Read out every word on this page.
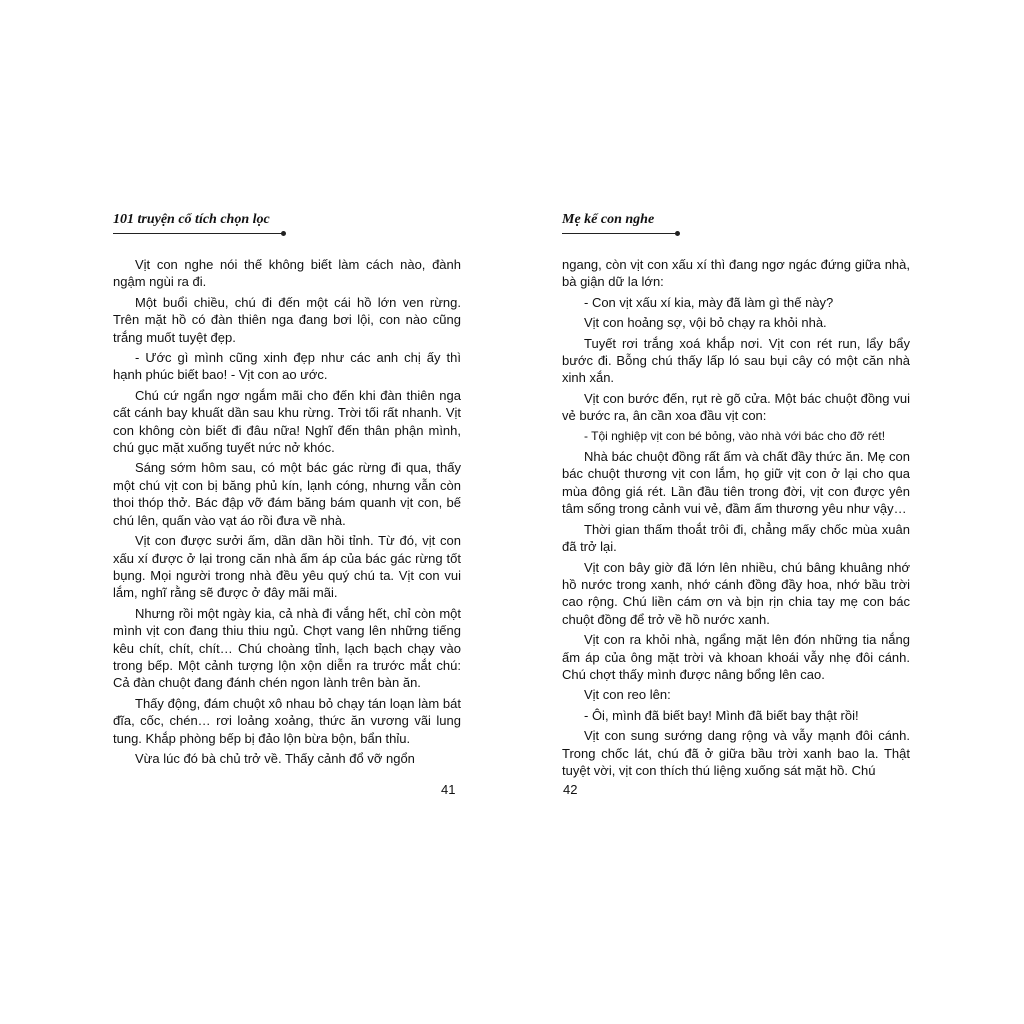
101 truyện cổ tích chọn lọc

Vịt con nghe nói thế không biết làm cách nào, đành ngậm ngùi ra đi.

Một buổi chiều, chú đi đến một cái hồ lớn ven rừng. Trên mặt hồ có đàn thiên nga đang bơi lội, con nào cũng trắng muốt tuyệt đẹp.

- Ước gì mình cũng xinh đẹp như các anh chị ấy thì hạnh phúc biết bao! - Vịt con ao ước.

Chú cứ ngẩn ngơ ngắm mãi cho đến khi đàn thiên nga cất cánh bay khuất dần sau khu rừng. Trời tối rất nhanh. Vịt con không còn biết đi đâu nữa! Nghĩ đến thân phận mình, chú gục mặt xuống tuyết nức nở khóc.

Sáng sớm hôm sau, có một bác gác rừng đi qua, thấy một chú vịt con bị băng phủ kín, lạnh cóng, nhưng vẫn còn thoi thóp thở. Bác đập vỡ đám băng bám quanh vịt con, bế chú lên, quấn vào vạt áo rồi đưa về nhà.

Vịt con được sưởi ấm, dần dần hồi tỉnh. Từ đó, vịt con xấu xí được ở lại trong căn nhà ấm áp của bác gác rừng tốt bụng. Mọi người trong nhà đều yêu quý chú ta. Vịt con vui lắm, nghĩ rằng sẽ được ở đây mãi mãi.

Nhưng rồi một ngày kia, cả nhà đi vắng hết, chỉ còn một mình vịt con đang thiu thiu ngủ. Chợt vang lên những tiếng kêu chít, chít, chít… Chú choàng tỉnh, lạch bạch chạy vào trong bếp. Một cảnh tượng lộn xộn diễn ra trước mắt chú: Cả đàn chuột đang đánh chén ngon lành trên bàn ăn.

Thấy động, đám chuột xô nhau bỏ chạy tán loạn làm bát đĩa, cốc, chén… rơi loảng xoảng, thức ăn vương vãi lung tung. Khắp phòng bếp bị đảo lộn bừa bộn, bẩn thỉu.

Vừa lúc đó bà chủ trở về. Thấy cảnh đổ vỡ ngổn

41
Mẹ kể con nghe

ngang, còn vịt con xấu xí thì đang ngơ ngác đứng giữa nhà, bà giận dữ la lớn:

- Con vịt xấu xí kia, mày đã làm gì thế này?

Vịt con hoảng sợ, vội bỏ chạy ra khỏi nhà.

Tuyết rơi trắng xoá khắp nơi. Vịt con rét run, lẩy bẩy bước đi. Bỗng chú thấy lấp ló sau bụi cây có một căn nhà xinh xắn.

Vịt con bước đến, rụt rè gõ cửa. Một bác chuột đồng vui vẻ bước ra, ân cần xoa đầu vịt con:

- Tội nghiệp vịt con bé bỏng, vào nhà với bác cho đỡ rét!

Nhà bác chuột đồng rất ấm và chất đầy thức ăn. Mẹ con bác chuột thương vịt con lắm, họ giữ vịt con ở lại cho qua mùa đông giá rét. Lần đầu tiên trong đời, vịt con được yên tâm sống trong cảnh vui vẻ, đầm ấm thương yêu như vậy…

Thời gian thấm thoắt trôi đi, chẳng mấy chốc mùa xuân đã trở lại.

Vịt con bây giờ đã lớn lên nhiều, chú bâng khuâng nhớ hồ nước trong xanh, nhớ cánh đồng đầy hoa, nhớ bầu trời cao rộng. Chú liền cám ơn và bịn rịn chia tay mẹ con bác chuột đồng để trở về hồ nước xanh.

Vịt con ra khỏi nhà, ngẩng mặt lên đón những tia nắng ấm áp của ông mặt trời và khoan khoái vẫy nhẹ đôi cánh. Chú chợt thấy mình được nâng bổng lên cao.

Vịt con reo lên:

- Ôi, mình đã biết bay! Mình đã biết bay thật rồi!

Vịt con sung sướng dang rộng và vẫy mạnh đôi cánh. Trong chốc lát, chú đã ở giữa bầu trời xanh bao la. Thật tuyệt vời, vịt con thích thú liệng xuống sát mặt hồ. Chú

42
